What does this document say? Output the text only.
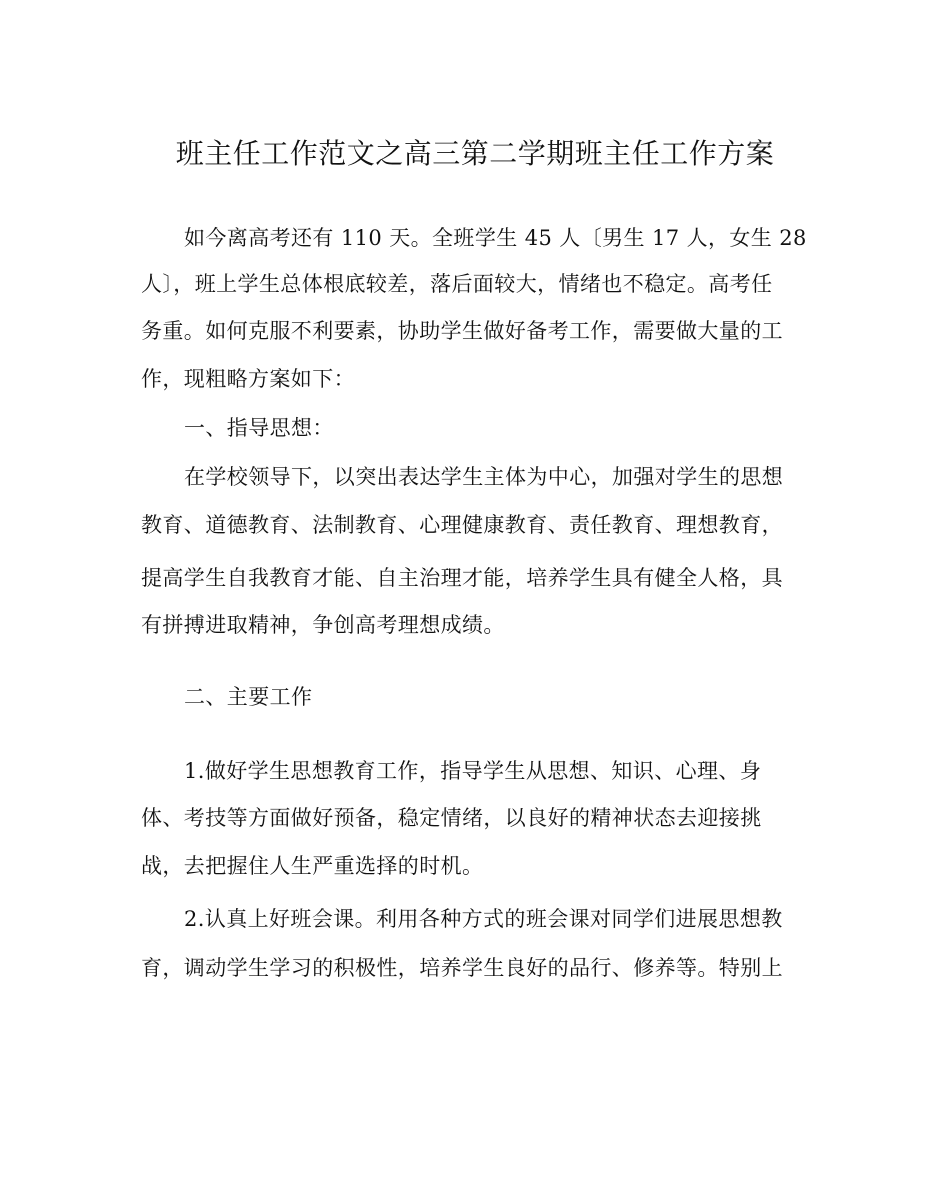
班主任工作范文之高三第二学期班主任工作方案
如今离高考还有 110 天。全班学生 45 人〔男生 17 人，女生 28
人〕，班上学生总体根底较差，落后面较大，情绪也不稳定。高考任
务重。如何克服不利要素，协助学生做好备考工作，需要做大量的工
作，现粗略方案如下：
一、指导思想：
在学校领导下，以突出表达学生主体为中心，加强对学生的思想
教育、道德教育、法制教育、心理健康教育、责任教育、理想教育，
提高学生自我教育才能、自主治理才能，培养学生具有健全人格，具
有拼搏进取精神，争创高考理想成绩。
二、主要工作
1.做好学生思想教育工作，指导学生从思想、知识、心理、身
体、考技等方面做好预备，稳定情绪，以良好的精神状态去迎接挑
战，去把握住人生严重选择的时机。
2.认真上好班会课。利用各种方式的班会课对同学们进展思想教
育，调动学生学习的积极性，培养学生良好的品行、修养等。特别上
